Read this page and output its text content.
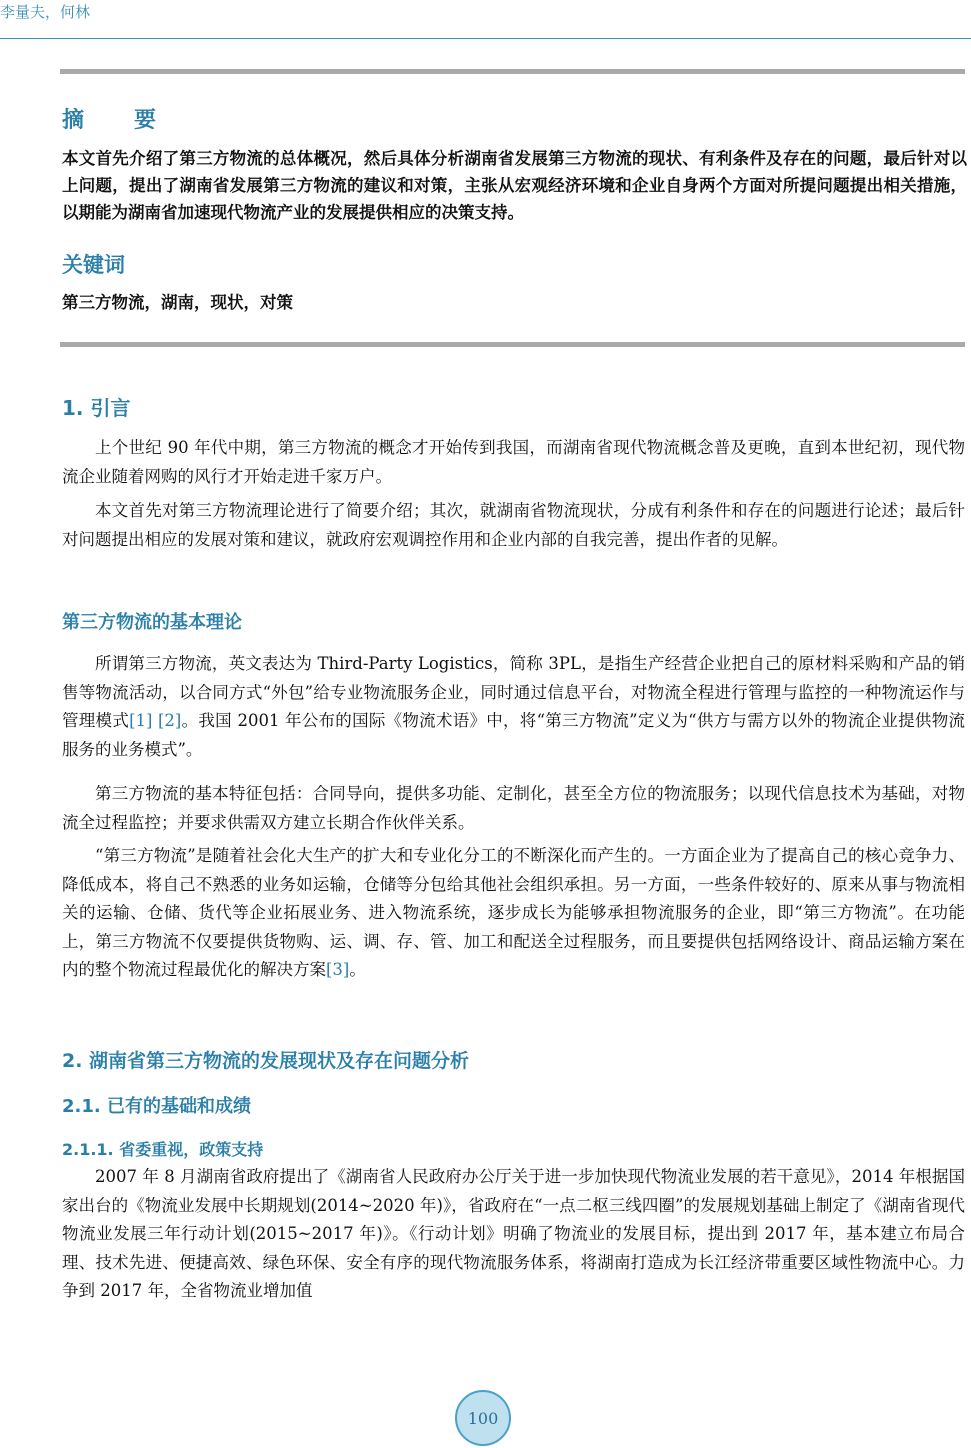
李量夫，何林
摘　要
本文首先介绍了第三方物流的总体概况，然后具体分析湖南省发展第三方物流的现状、有利条件及存在的问题，最后针对以上问题，提出了湖南省发展第三方物流的建议和对策，主张从宏观经济环境和企业自身两个方面对所提问题提出相关措施，以期能为湖南省加速现代物流产业的发展提供相应的决策支持。
关键词
第三方物流，湖南，现状，对策
1. 引言
上个世纪 90 年代中期，第三方物流的概念才开始传到我国，而湖南省现代物流概念普及更晚，直到本世纪初，现代物流企业随着网购的风行才开始走进千家万户。
本文首先对第三方物流理论进行了简要介绍；其次，就湖南省物流现状，分成有利条件和存在的问题进行论述；最后针对问题提出相应的发展对策和建议，就政府宏观调控作用和企业内部的自我完善，提出作者的见解。
第三方物流的基本理论
所谓第三方物流，英文表达为 Third-Party Logistics，简称 3PL，是指生产经营企业把自己的原材料采购和产品的销售等物流活动，以合同方式“外包”给专业物流服务企业，同时通过信息平台，对物流全程进行管理与监控的一种物流运作与管理模式[1] [2]。我国 2001 年公布的国际《物流术语》中，将“第三方物流”定义为“供方与需方以外的物流企业提供物流服务的业务模式”。
第三方物流的基本特征包括：合同导向，提供多功能、定制化，甚至全方位的物流服务；以现代信息技术为基础，对物流全过程监控；并要求供需双方建立长期合作伙伴关系。
“第三方物流”是随着社会化大生产的扩大和专业化分工的不断深化而产生的。一方面企业为了提高自己的核心竞争力、降低成本，将自己不熟悉的业务如运输，仓储等分包给其他社会组织承担。另一方面，一些条件较好的、原来从事与物流相关的运输、仓储、货代等企业拓展业务、进入物流系统，逐步成长为能够承担物流服务的企业，即“第三方物流”。在功能上，第三方物流不仅要提供货物购、运、调、存、管、加工和配送全过程服务，而且要提供包括网络设计、商品运输方案在内的整个物流过程最优化的解决方案[3]。
2. 湖南省第三方物流的发展现状及存在问题分析
2.1. 已有的基础和成绩
2.1.1. 省委重视，政策支持
2007 年 8 月湖南省政府提出了《湖南省人民政府办公厅关于进一步加快现代物流业发展的若干意见》，2014 年根据国家出台的《物流业发展中长期规划(2014~2020 年)》，省政府在“一点二枢三线四圈”的发展规划基础上制定了《湖南省现代物流业发展三年行动计划(2015~2017 年)》。《行动计划》明确了物流业的发展目标，提出到 2017 年，基本建立布局合理、技术先进、便捷高效、绿色环保、安全有序的现代物流服务体系，将湖南打造成为长江经济带重要区域性物流中心。力争到 2017 年，全省物流业增加值
100
